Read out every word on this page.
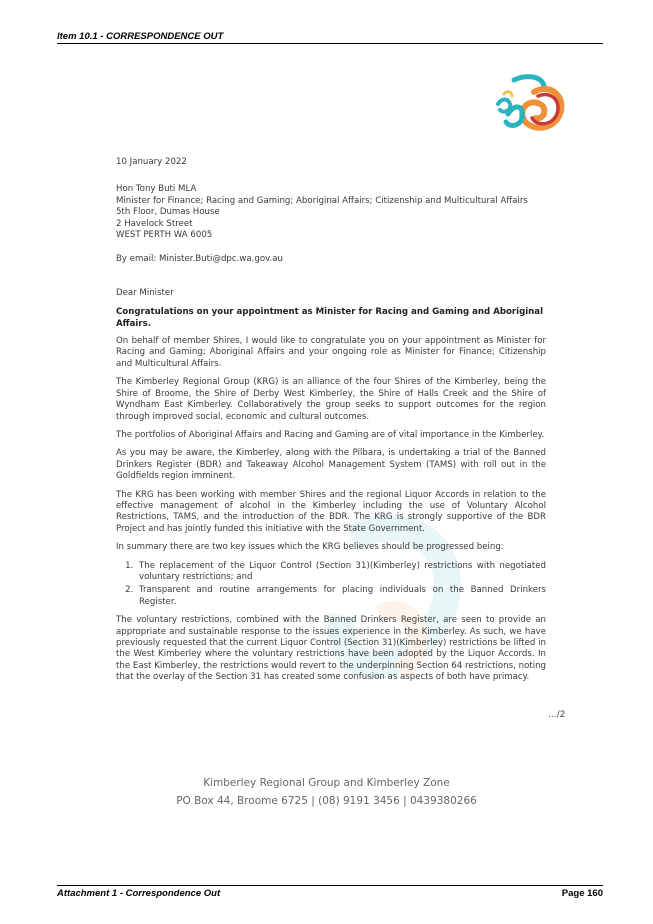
Item 10.1 - CORRESPONDENCE OUT

10 January 2022

Hon Tony Buti MLA

Minister for Finance; Racing and Gaming; Aboriginal Affairs; Citizenship and Multicultural Affairs

5th Floor, Dumas House

2 Havelock Street

WEST PERTH WA 6005

By email: Minister.Buti@dpc.wa.gov.au

Dear Minister

Congratulations on your appointment as Minister for Racing and Gaming and Aboriginal Affairs.

On behalf of member Shires, I would like to congratulate you on your appointment as Minister for Racing and Gaming; Aboriginal Affairs and your ongoing role as Minister for Finance; Citizenship and Multicultural Affairs.

The Kimberley Regional Group (KRG) is an alliance of the four Shires of the Kimberley, being the Shire of Broome, the Shire of Derby West Kimberley, the Shire of Halls Creek and the Shire of Wyndham East Kimberley. Collaboratively the group seeks to support outcomes for the region through improved social, economic and cultural outcomes.

The portfolios of Aboriginal Affairs and Racing and Gaming are of vital importance in the Kimberley.

As you may be aware, the Kimberley, along with the Pilbara, is undertaking a trial of the Banned Drinkers Register (BDR) and Takeaway Alcohol Management System (TAMS) with roll out in the Goldfields region imminent.

The KRG has been working with member Shires and the regional Liquor Accords in relation to the effective management of alcohol in the Kimberley including the use of Voluntary Alcohol Restrictions, TAMS, and the introduction of the BDR. The KRG is strongly supportive of the BDR Project and has jointly funded this initiative with the State Government.

In summary there are two key issues which the KRG believes should be progressed being:

1. The replacement of the Liquor Control (Section 31)(Kimberley) restrictions with negotiated voluntary restrictions; and
2. Transparent and routine arrangements for placing individuals on the Banned Drinkers Register.

The voluntary restrictions, combined with the Banned Drinkers Register, are seen to provide an appropriate and sustainable response to the issues experience in the Kimberley. As such, we have previously requested that the current Liquor Control (Section 31)(Kimberley) restrictions be lifted in the West Kimberley where the voluntary restrictions have been adopted by the Liquor Accords. In the East Kimberley, the restrictions would revert to the underpinning Section 64 restrictions, noting that the overlay of the Section 31 has created some confusion as aspects of both have primacy.

.../2
Kimberley Regional Group and Kimberley Zone
PO Box 44, Broome 6725 | (08) 9191 3456 | 0439380266
Attachment 1 - Correspondence Out	Page 160
